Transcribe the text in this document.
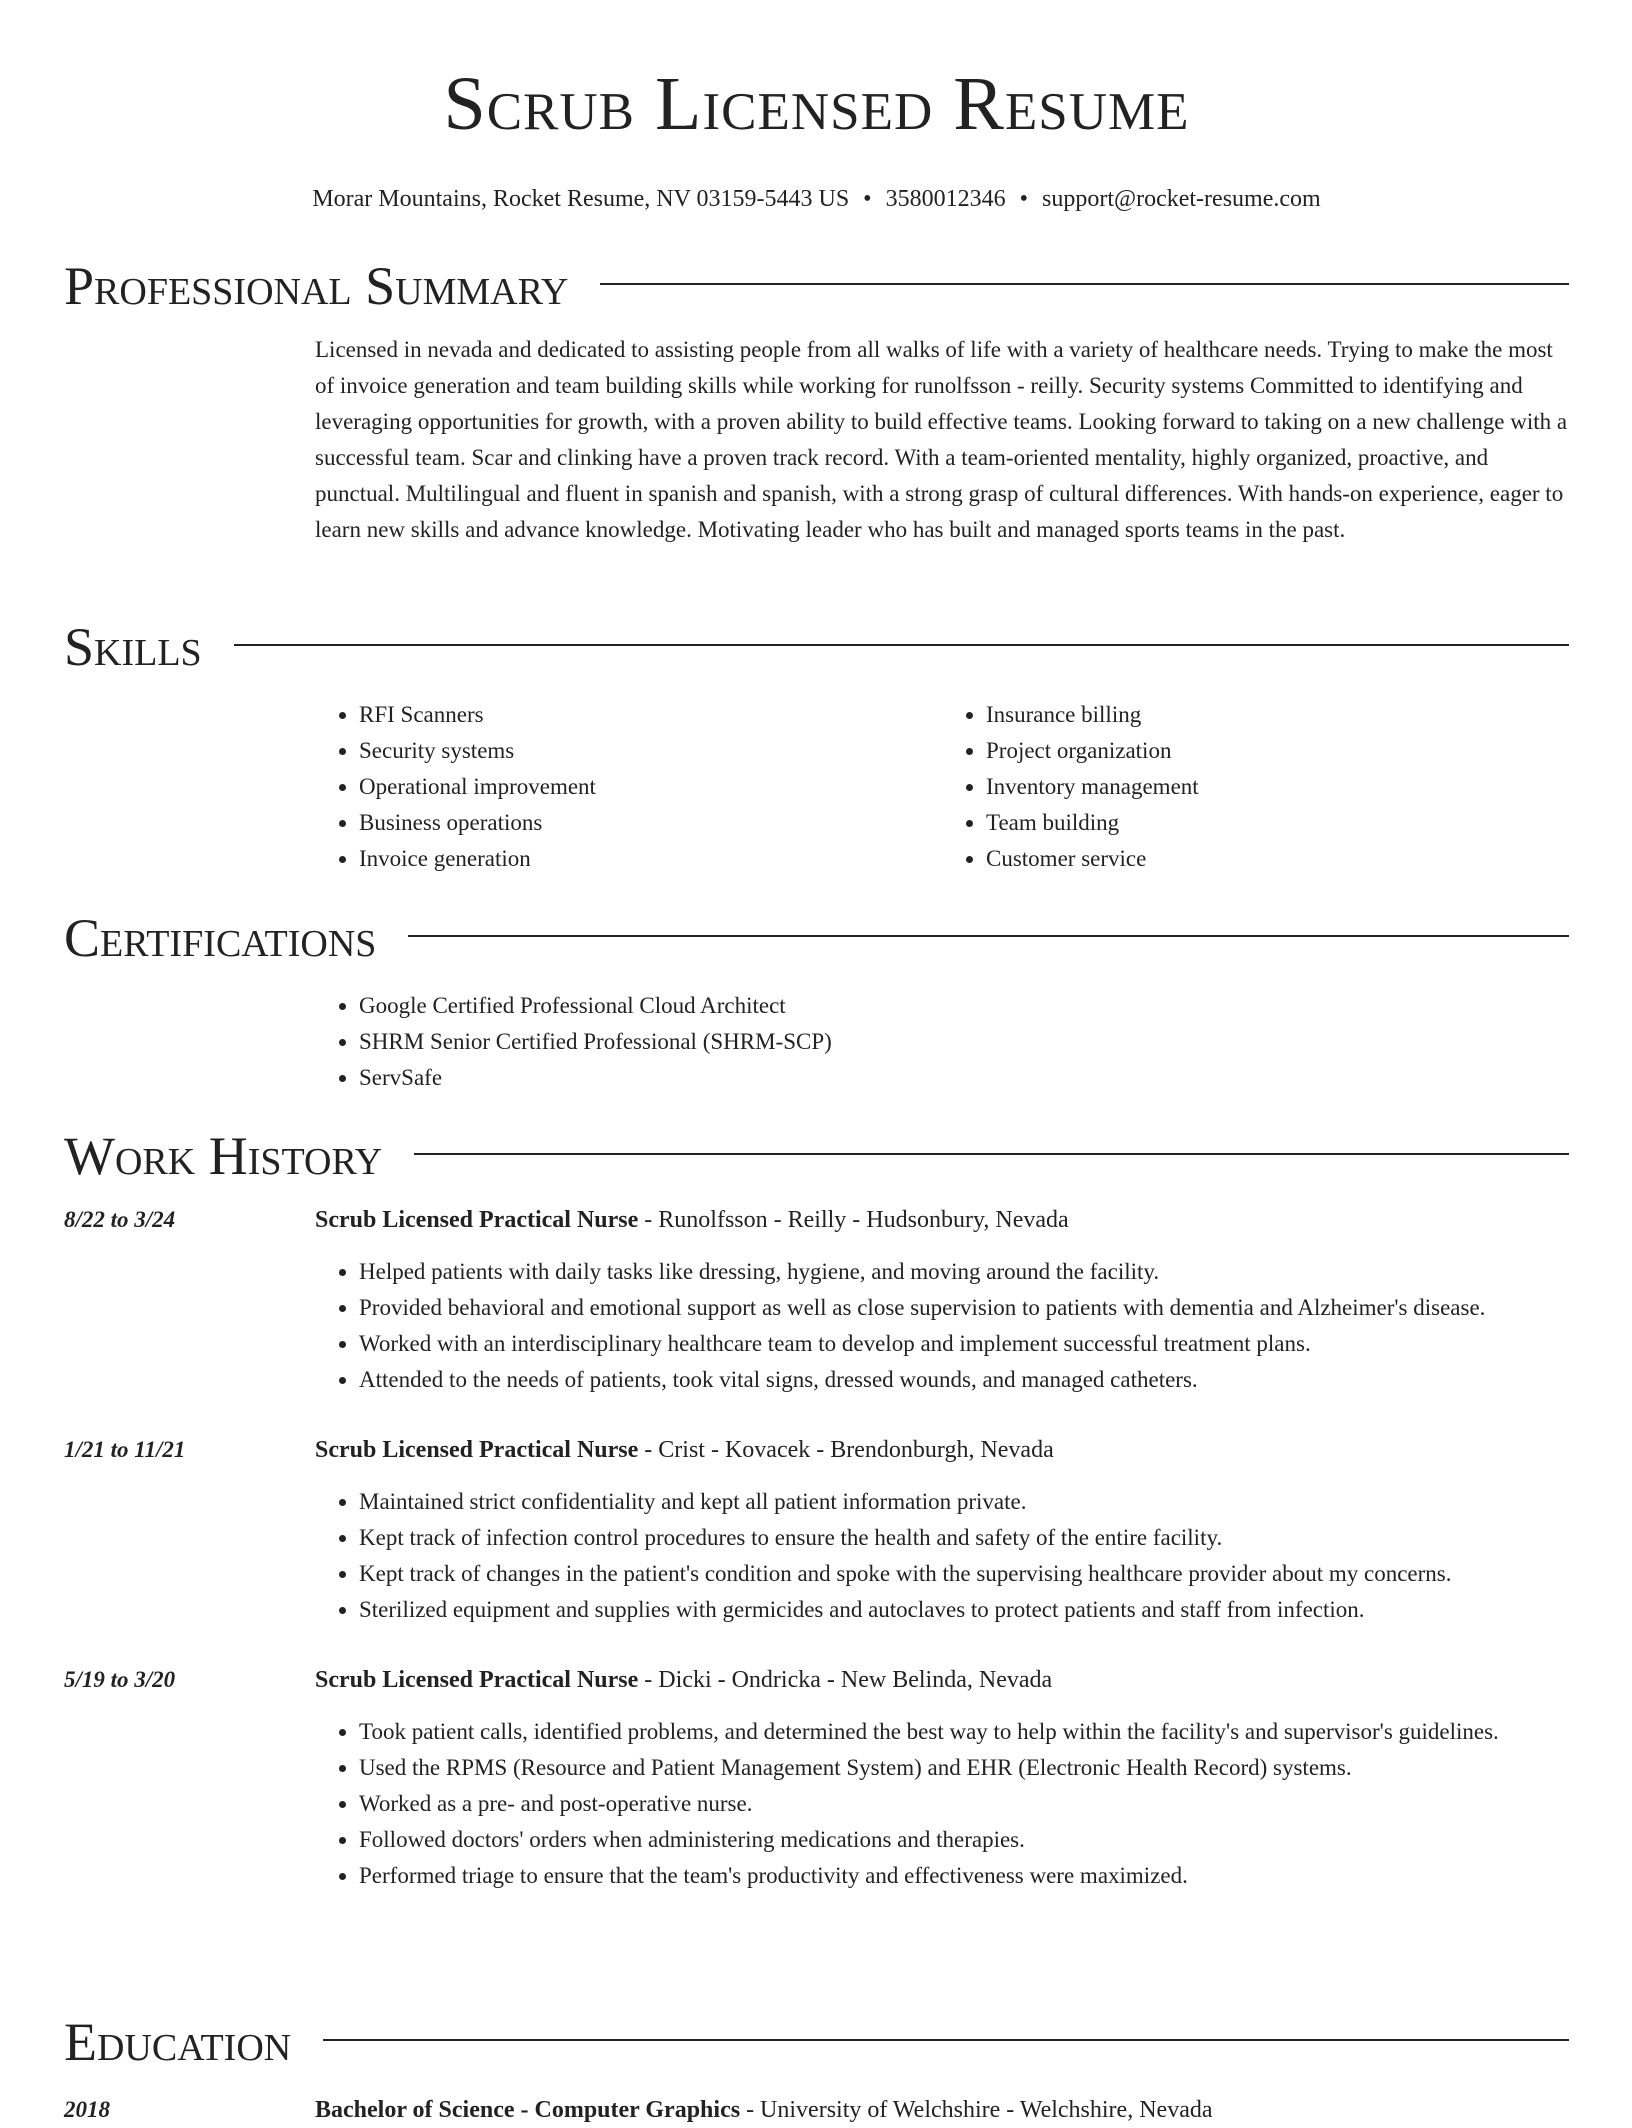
Scrub Licensed Resume
Morar Mountains, Rocket Resume, NV 03159-5443 US • 3580012346 • support@rocket-resume.com
Professional Summary
Licensed in nevada and dedicated to assisting people from all walks of life with a variety of healthcare needs. Trying to make the most of invoice generation and team building skills while working for runolfsson - reilly. Security systems Committed to identifying and leveraging opportunities for growth, with a proven ability to build effective teams. Looking forward to taking on a new challenge with a successful team. Scar and clinking have a proven track record. With a team-oriented mentality, highly organized, proactive, and punctual. Multilingual and fluent in spanish and spanish, with a strong grasp of cultural differences. With hands-on experience, eager to learn new skills and advance knowledge. Motivating leader who has built and managed sports teams in the past.
Skills
• RFI Scanners
• Security systems
• Operational improvement
• Business operations
• Invoice generation
• Insurance billing
• Project organization
• Inventory management
• Team building
• Customer service
Certifications
• Google Certified Professional Cloud Architect
• SHRM Senior Certified Professional (SHRM-SCP)
• ServSafe
Work History
8/22 to 3/24	Scrub Licensed Practical Nurse - Runolfsson - Reilly - Hudsonbury, Nevada
• Helped patients with daily tasks like dressing, hygiene, and moving around the facility.
• Provided behavioral and emotional support as well as close supervision to patients with dementia and Alzheimer's disease.
• Worked with an interdisciplinary healthcare team to develop and implement successful treatment plans.
• Attended to the needs of patients, took vital signs, dressed wounds, and managed catheters.
1/21 to 11/21	Scrub Licensed Practical Nurse - Crist - Kovacek - Brendonburgh, Nevada
• Maintained strict confidentiality and kept all patient information private.
• Kept track of infection control procedures to ensure the health and safety of the entire facility.
• Kept track of changes in the patient's condition and spoke with the supervising healthcare provider about my concerns.
• Sterilized equipment and supplies with germicides and autoclaves to protect patients and staff from infection.
5/19 to 3/20	Scrub Licensed Practical Nurse - Dicki - Ondricka - New Belinda, Nevada
• Took patient calls, identified problems, and determined the best way to help within the facility's and supervisor's guidelines.
• Used the RPMS (Resource and Patient Management System) and EHR (Electronic Health Record) systems.
• Worked as a pre- and post-operative nurse.
• Followed doctors' orders when administering medications and therapies.
• Performed triage to ensure that the team's productivity and effectiveness were maximized.
Education
2018	Bachelor of Science - Computer Graphics - University of Welchshire - Welchshire, Nevada
